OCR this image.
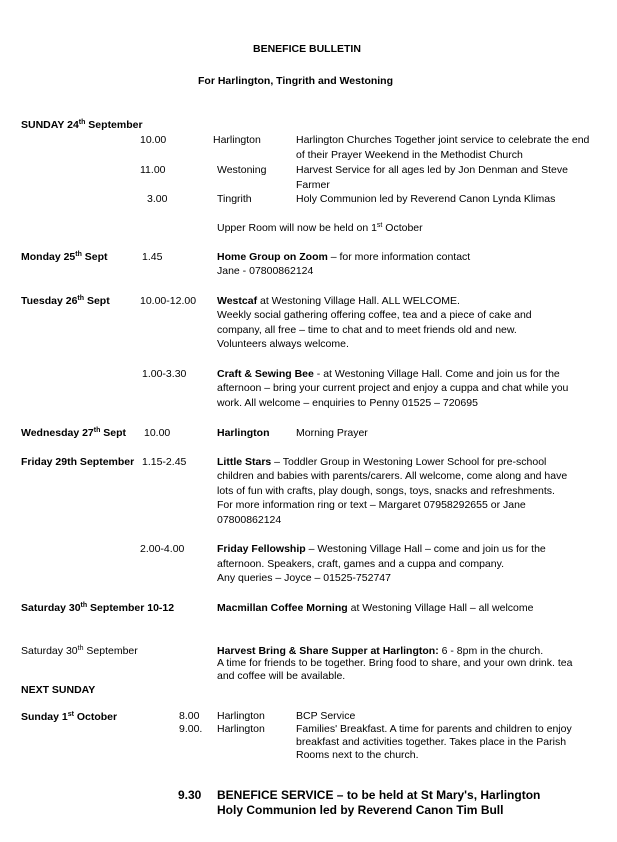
BENEFICE BULLETIN
For Harlington, Tingrith and Westoning
SUNDAY 24th September
10.00	Harlington	Harlington Churches Together joint service to celebrate the end of their Prayer Weekend in the Methodist Church
11.00	Westoning	Harvest Service for all ages led by Jon Denman and Steve Farmer
3.00	Tingrith	Holy Communion led by Reverend Canon Lynda Klimas
Upper Room will now be held on 1st October
Monday 25th Sept	1.45	Home Group on Zoom – for more information contact
Jane - 07800862124
Tuesday 26th Sept	10.00-12.00 Westcaf at Westoning Village Hall. ALL WELCOME.
Weekly social gathering offering coffee, tea and a piece of cake and
company, all free – time to chat and to meet friends old and new.
Volunteers always welcome.
1.00-3.30	Craft & Sewing Bee - at Westoning Village Hall. Come and join us for the
afternoon – bring your current project and enjoy a cuppa and chat while you
work. All welcome – enquiries to Penny 01525 – 720695
Wednesday 27th Sept 10.00	Harlington	Morning Prayer
Friday 29th September 1.15-2.45	Little Stars – Toddler Group in Westoning Lower School for pre-school
children and babies with parents/carers. All welcome, come along and have
lots of fun with crafts, play dough, songs, toys, snacks and refreshments.
For more information ring or text – Margaret 07958292655 or Jane
07800862124
2.00-4.00	Friday Fellowship – Westoning Village Hall – come and join us for the
afternoon. Speakers, craft, games and a cuppa and company.
Any queries – Joyce – 01525-752747
Saturday 30th September 10-12	Macmillan Coffee Morning at Westoning Village Hall – all welcome
Saturday 30th September	Harvest Bring & Share Supper at Harlington: 6 - 8pm in the church.
A time for friends to be together. Bring food to share, and your own drink. tea
and coffee will be available.
NEXT SUNDAY
Sunday 1st October	8.00 Harlington	BCP Service
9.00. Harlington	Families' Breakfast. A time for parents and children to enjoy breakfast and activities together. Takes place in the Parish Rooms next to the church.
9.30 BENEFICE SERVICE – to be held at St Mary's, Harlington
Holy Communion led by Reverend Canon Tim Bull
